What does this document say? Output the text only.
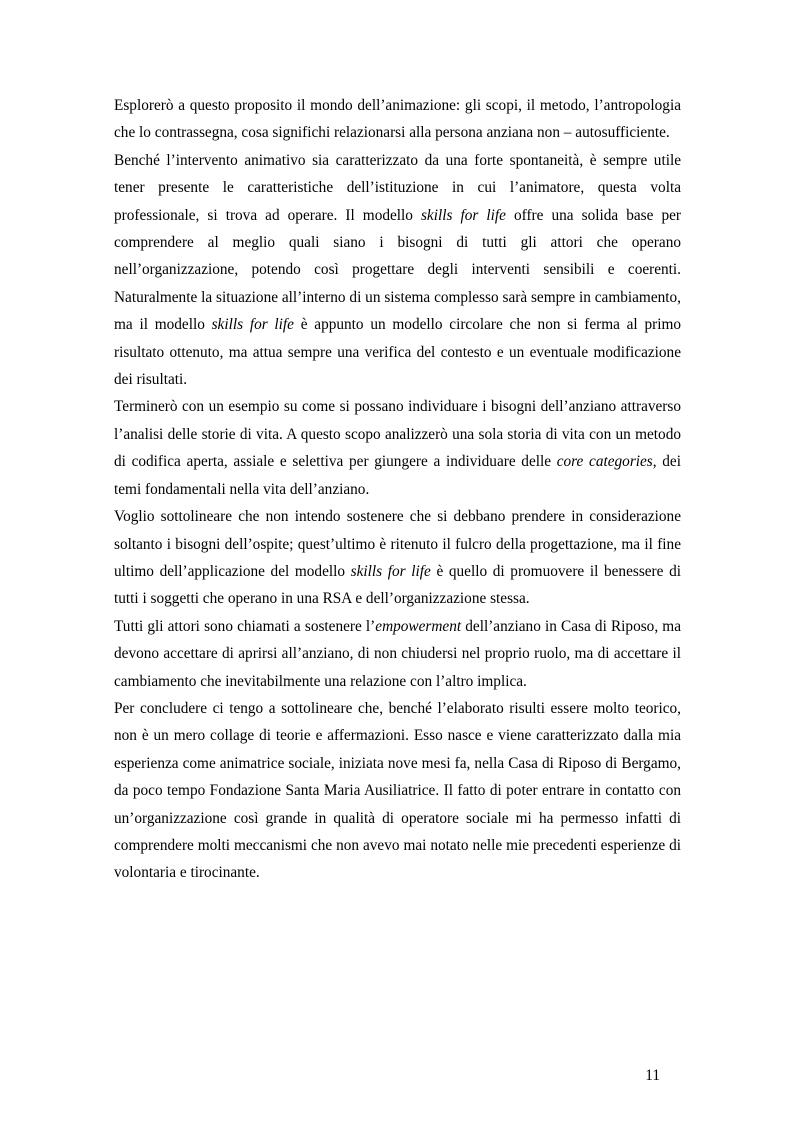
Esplorerò a questo proposito il mondo dell’animazione: gli scopi, il metodo, l’antropologia che lo contrassegna, cosa significhi relazionarsi alla persona anziana non – autosufficiente.

Benché l’intervento animativo sia caratterizzato da una forte spontaneità, è sempre utile tener presente le caratteristiche dell’istituzione in cui l’animatore, questa volta professionale, si trova ad operare. Il modello skills for life offre una solida base per comprendere al meglio quali siano i bisogni di tutti gli attori che operano nell’organizzazione, potendo così progettare degli interventi sensibili e coerenti. Naturalmente la situazione all’interno di un sistema complesso sarà sempre in cambiamento, ma il modello skills for life è appunto un modello circolare che non si ferma al primo risultato ottenuto, ma attua sempre una verifica del contesto e un eventuale modificazione dei risultati.

Terminerò con un esempio su come si possano individuare i bisogni dell’anziano attraverso l’analisi delle storie di vita. A questo scopo analizzerò una sola storia di vita con un metodo di codifica aperta, assiale e selettiva per giungere a individuare delle core categories, dei temi fondamentali nella vita dell’anziano.

Voglio sottolineare che non intendo sostenere che si debbano prendere in considerazione soltanto i bisogni dell’ospite; quest’ultimo è ritenuto il fulcro della progettazione, ma il fine ultimo dell’applicazione del modello skills for life è quello di promuovere il benessere di tutti i soggetti che operano in una RSA e dell’organizzazione stessa.

Tutti gli attori sono chiamati a sostenere l’empowerment dell’anziano in Casa di Riposo, ma devono accettare di aprirsi all’anziano, di non chiudersi nel proprio ruolo, ma di accettare il cambiamento che inevitabilmente una relazione con l’altro implica.

Per concludere ci tengo a sottolineare che, benché l’elaborato risulti essere molto teorico, non è un mero collage di teorie e affermazioni. Esso nasce e viene caratterizzato dalla mia esperienza come animatrice sociale, iniziata nove mesi fa, nella Casa di Riposo di Bergamo, da poco tempo Fondazione Santa Maria Ausiliatrice. Il fatto di poter entrare in contatto con un’organizzazione così grande in qualità di operatore sociale mi ha permesso infatti di comprendere molti meccanismi che non avevo mai notato nelle mie precedenti esperienze di volontaria e tirocinante.

11
